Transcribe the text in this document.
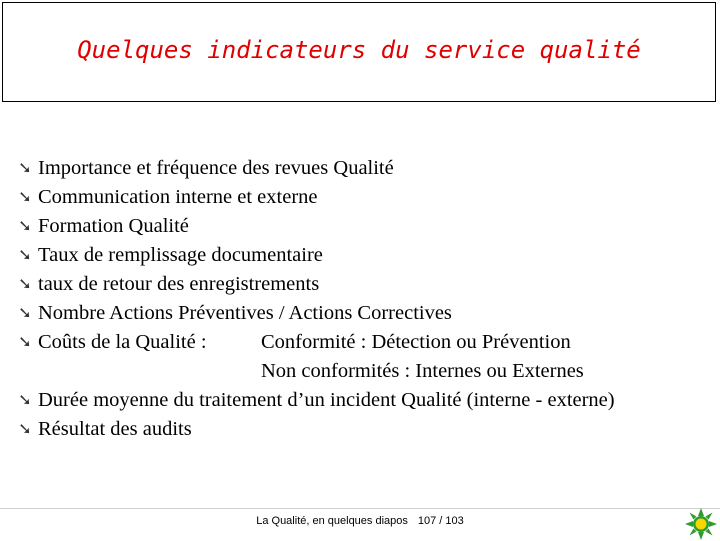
Quelques indicateurs du service qualité
➘ Importance et fréquence des revues Qualité
➘ Communication interne et externe
➘ Formation Qualité
➘ Taux de remplissage documentaire
➘ taux de retour des enregistrements
➘ Nombre Actions Préventives / Actions Correctives
➘ Coûts de la Qualité :	Conformité : Détection ou Prévention
Non conformités : Internes ou Externes
➘ Durée moyenne du traitement d’un incident Qualité (interne - externe)
➘ Résultat des audits
La Qualité, en quelques diapos 107 / 103
